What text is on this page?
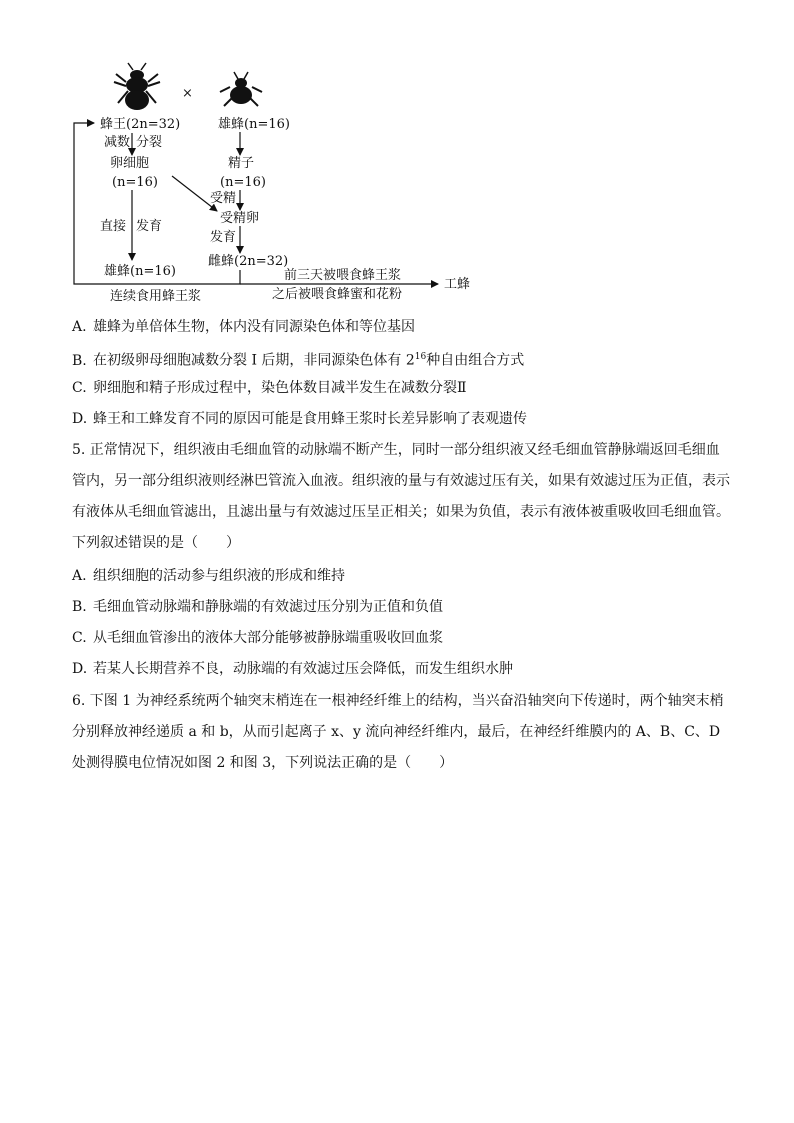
×
蜂王(2n=32)	雄蜂(n=16)
减数 分裂
卵细胞
(n=16)
精子
(n=16)
受精
受精卵
直接 发育
发育
雄蜂(n=16)
雌蜂(2n=32)
前三天被喂食蜂王浆
之后被喂食蜂蜜和花粉
工蜂
连续食用蜂王浆
A. 雄蜂为单倍体生物，体内没有同源染色体和等位基因
B. 在初级卵母细胞减数分裂 I 后期，非同源染色体有 $2^{16}$种自由组合方式
C. 卵细胞和精子形成过程中，染色体数目减半发生在减数分裂Ⅱ
D. 蜂王和工蜂发育不同的原因可能是食用蜂王浆时长差异影响了表观遗传
5. 正常情况下，组织液由毛细血管的动脉端不断产生，同时一部分组织液又经毛细血管静脉端返回毛细血管内，另一部分组织液则经淋巴管流入血液。组织液的量与有效滤过压有关，如果有效滤过压为正值，表示有液体从毛细血管滤出，且滤出量与有效滤过压呈正相关；如果为负值，表示有液体被重吸收回毛细血管。下列叙述错误的是（　　）
A. 组织细胞的活动参与组织液的形成和维持
B. 毛细血管动脉端和静脉端的有效滤过压分别为正值和负值
C. 从毛细血管渗出的液体大部分能够被静脉端重吸收回血浆
D. 若某人长期营养不良，动脉端的有效滤过压会降低，而发生组织水肿
6. 下图 1 为神经系统两个轴突末梢连在一根神经纤维上的结构，当兴奋沿轴突向下传递时，两个轴突末梢分别释放神经递质 a 和 b，从而引起离子 x、y 流向神经纤维内，最后，在神经纤维膜内的 A、B、C、D 处测得膜电位情况如图 2 和图 3，下列说法正确的是（　　）
